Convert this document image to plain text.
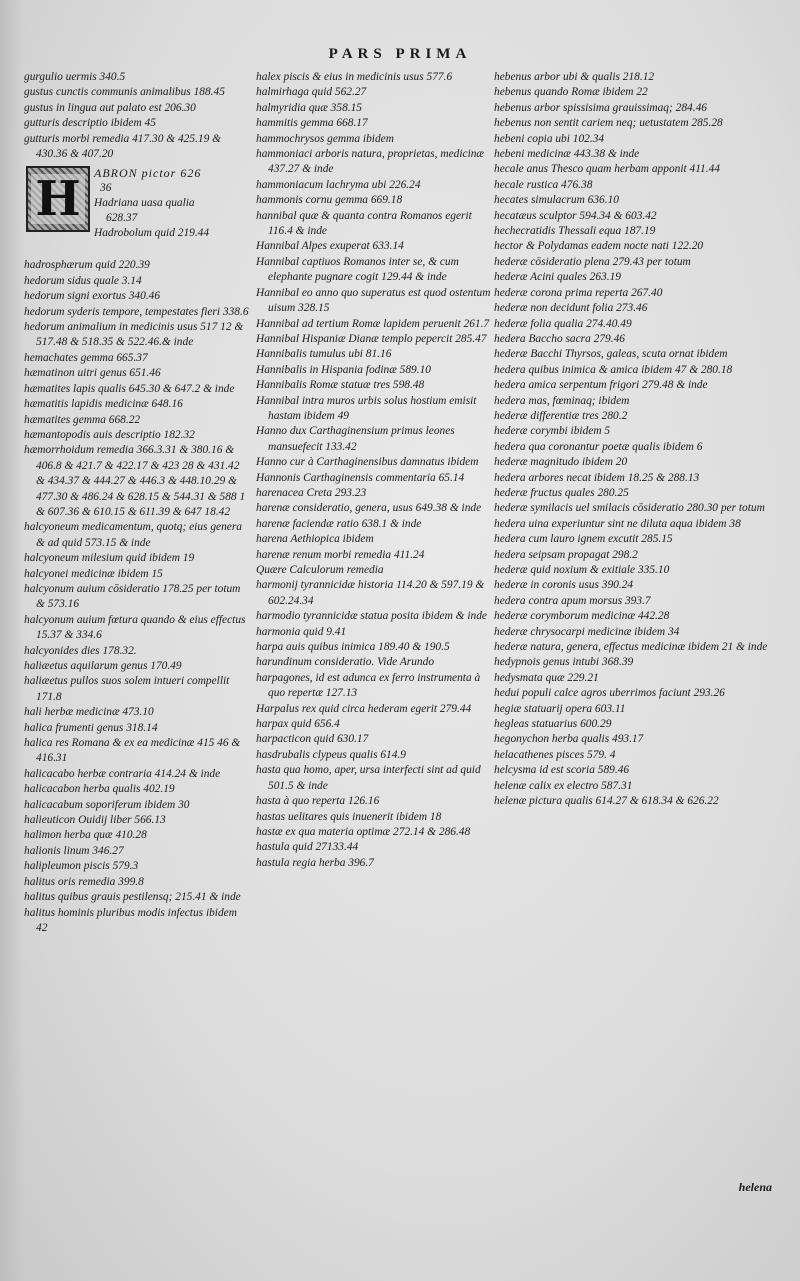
PARS PRIMA
gurgulio uermis 340.5
gustus cunctis communis animalibus 188.45
gustus in lingua aut palato est 206.30
gutturis descriptio ibidem 45
gutturis morbi remedia 417.30 & 425.19 & 430.36 & 407.20
H	ABRON pictor 626
36
Hadriana uasa qualia
628.37
Hadrobolum quid 219.44
hadrosphærum quid 220.39
hedorum sidus quale 3.14
hedorum signi exortus 340.46
hedorum syderis tempore, tempestates fieri 338.6
hedorum animalium in medicinis usus 517 12 & 517.48 & 518.35 & 522.46.& inde
hemachates gemma 665.37
hæmatinon uitri genus 651.46
hæmatites lapis qualis 645.30 & 647.2 & inde
hæmatitis lapidis medicinæ 648.16
hæmatites gemma 668.22
hæmantopodis auis descriptio 182.32
hæmorrhoidum remedia 366.3.31 & 380.16 & 406.8 & 421.7 & 422.17 & 423 28 & 431.42 & 434.37 & 444.27 & 446.3 & 448.10.29 & 477.30 & 486.24 & 628.15 & 544.31 & 588 1 & 607.36 & 610.15 & 611.39 & 647 18.42
halcyoneum medicamentum, quotq; eius genera & ad quid 573.15 & inde
halcyoneum milesium quid ibidem 19
halcyonei medicinæ ibidem 15
halcyonum auium cōsideratio 178.25 per totum & 573.16
halcyonum auium fœtura quando & eius effectus 15.37 & 334.6
halcyonides dies 178.32.
haliæetus aquilarum genus 170.49
haliæetus pullos suos solem intueri compellit 171.8
hali herbæ medicinæ 473.10
halica frumenti genus 318.14
halica res Romana & ex ea medicinæ 415 46 & 416.31
halicacabo herbæ contraria 414.24 & inde
halicacabon herba qualis 402.19
halicacabum soporiferum ibidem 30
halieuticon Ouidij liber 566.13
halimon herba quæ 410.28
halionis linum 346.27
halipleumon piscis 579.3
halitus oris remedia 399.8
halitus quibus grauis pestilensq; 215.41 & inde
halitus hominis pluribus modis infectus ibidem 42
halex piscis & eius in medicinis usus 577.6
halmirhaga quid 562.27
halmyridia quæ 358.15
hammitis gemma 668.17
hammochrysos gemma ibidem
hammoniaci arboris natura, proprietas, medicinæ 437.27 & inde
hammoniacum lachryma ubi 226.24
hammonis cornu gemma 669.18
hannibal quæ & quanta contra Romanos egerit 116.4 & inde
Hannibal Alpes exuperat 633.14
Hannibal captiuos Romanos inter se, & cum elephante pugnare cogit 129.44 & inde
Hannibal eo anno quo superatus est quod ostentum uisum 328.15
Hannibal ad tertium Romæ lapidem peruenit 261.7
Hannibal Hispaniæ Dianæ templo pepercit 285.47
Hannibalis tumulus ubi 81.16
Hannibalis in Hispania fodinæ 589.10
Hannibalis Romæ statuæ tres 598.48
Hannibal intra muros urbis solus hostium emisit hastam ibidem 49
Hanno dux Carthaginensium primus leones mansuefecit 133.42
Hanno cur à Carthaginensibus damnatus ibidem
Hannonis Carthaginensis commentaria 65.14
harenacea Creta 293.23
harenæ consideratio, genera, usus 649.38 & inde
harenæ faciendæ ratio 638.1 & inde
harena Aethiopica ibidem
harenæ renum morbi remedia 411.24
Quære Calculorum remedia
harmonij tyrannicidæ historia 114.20 & 597.19 & 602.24.34
harmodio tyrannicidæ statua posita ibidem & inde
harmonia quid 9.41
harpa auis quibus inimica 189.40 & 190.5
harundinum consideratio. Vide Arundo
harpagones, id est adunca ex ferro instrumenta à quo repertæ 127.13
Harpalus rex quid circa hederam egerit 279.44
harpax quid 656.4
harpacticon quid 630.17
hasdrubalis clypeus qualis 614.9
hasta qua homo, aper, ursa interfecti sint ad quid 501.5 & inde
hasta à quo reperta 126.16
hastas uelitares quis inuenerit ibidem 18
hastæ ex qua materia optimæ 272.14 & 286.48
hastula quid 27133.44
hastula regia herba 396.7
hebenus arbor ubi & qualis 218.12
hebenus quando Romæ ibidem 22
hebenus arbor spissisima grauissimaq; 284.46
hebenus non sentit cariem neq; uetustatem 285.28
hebeni copia ubi 102.34
hebeni medicinæ 443.38 & inde
hecale anus Thesco quam herbam apponit 411.44
hecale rustica 476.38
hecates simulacrum 636.10
hecatæus sculptor 594.34 & 603.42
hechecratidis Thessali equa 187.19
hector & Polydamas eadem nocte nati 122.20
hederæ cōsideratio plena 279.43 per totum
hederæ Acini quales 263.19
hederæ corona prima reperta 267.40
hederæ non decidunt folia 273.46
hederæ folia qualia 274.40.49
hedera Baccho sacra 279.46
hederæ Bacchi Thyrsos, galeas, scuta ornat ibidem
hedera quibus inimica & amica ibidem 47 & 280.18
hedera amica serpentum frigori 279.48 & inde
hedera mas, fœminaq; ibidem
hederæ differentiæ tres 280.2
hederæ corymbi ibidem 5
hedera qua coronantur poetæ qualis ibidem 6
hederæ magnitudo ibidem 20
hedera arbores necat ibidem 18.25 & 288.13
hederæ fructus quales 280.25
hederæ symilacis uel smilacis cōsideratio 280.30 per totum
hedera uina experiuntur sint ne diluta aqua ibidem 38
hedera cum lauro ignem excutit 285.15
hedera seipsam propagat 298.2
hederæ quid noxium & exitiale 335.10
hederæ in coronis usus 390.24
hedera contra apum morsus 393.7
hederæ corymborum medicinæ 442.28
hederæ chrysocarpi medicinæ ibidem 34
hederæ natura, genera, effectus medicinæ ibidem 21 & inde
hedypnois genus intubi 368.39
hedysmata quæ 229.21
hedui populi calce agros uberrimos faciunt 293.26
hegiæ statuarij opera 603.11
hegleas statuarius 600.29
hegonychon herba qualis 493.17
helacathenes pisces 579. 4
helcysma id est scoria 589.46
helenæ calix ex electro 587.31
helenæ pictura qualis 614.27 & 618.34 & 626.22
helena
